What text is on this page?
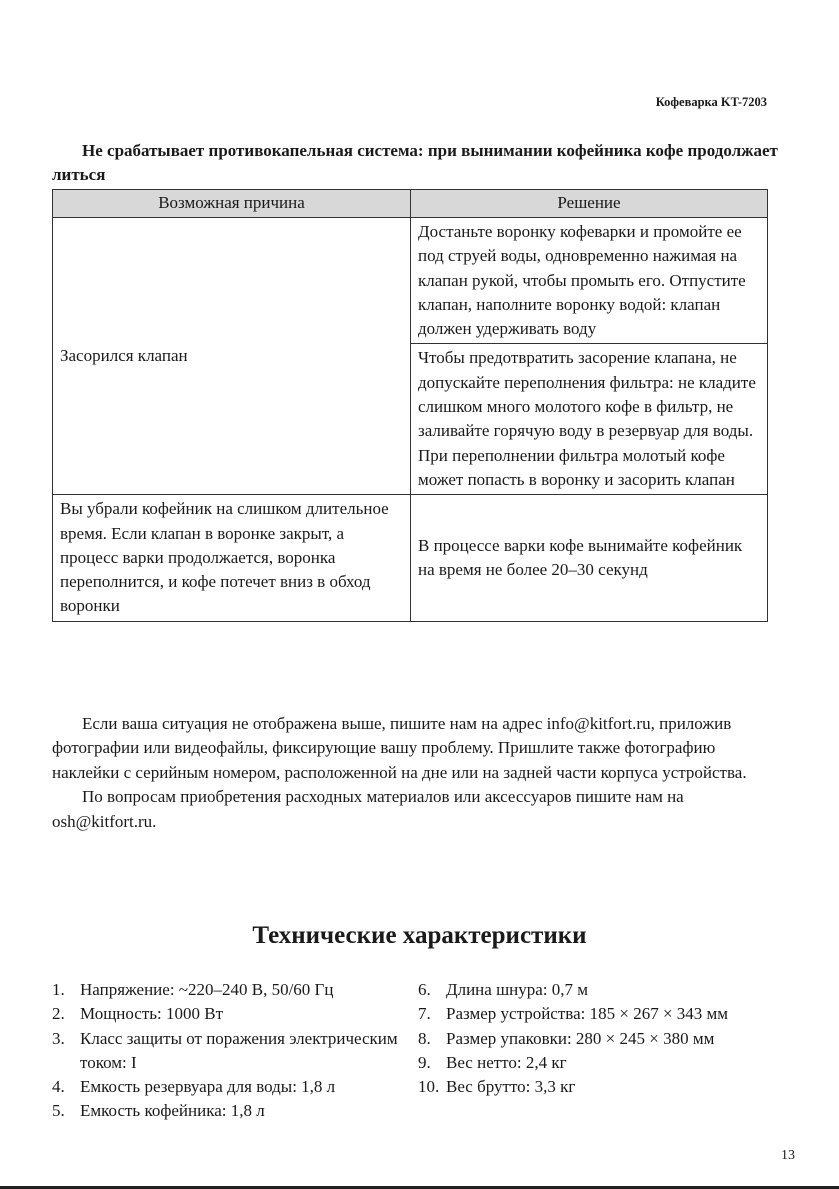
Кофеварка KT-7203
Не срабатывает противокапельная система: при вынимании кофейника кофе продолжает литься
Возможная причина	Решение
Засорился клапан	Достаньте воронку кофеварки и промойте ее под струей воды, одновременно нажимая на клапан рукой, чтобы промыть его. Отпустите клапан, наполните воронку водой: клапан должен удерживать воду
	Чтобы предотвратить засорение клапана, не допускайте переполнения фильтра: не кладите слишком много молотого кофе в фильтр, не заливайте горячую воду в резервуар для воды. При переполнении фильтра молотый кофе может попасть в воронку и засорить клапан
Вы убрали кофейник на слишком длительное время. Если клапан в воронке закрыт, а процесс варки продолжается, воронка переполнится, и кофе потечет вниз в обход воронки	В процессе варки кофе вынимайте кофейник на время не более 20–30 секунд

Если ваша ситуация не отображена выше, пишите нам на адрес info@kitfort.ru, приложив фотографии или видеофайлы, фиксирующие вашу проблему. Пришлите также фотографию наклейки с серийным номером, расположенной на дне или на задней части корпуса устройства.

По вопросам приобретения расходных материалов или аксессуаров пишите нам на osh@kitfort.ru.

Технические характеристики
1. Напряжение: ~220–240 В, 50/60 Гц
2. Мощность: 1000 Вт
3. Класс защиты от поражения электрическим током: I
4. Емкость резервуара для воды: 1,8 л
5. Емкость кофейника: 1,8 л
6. Длина шнура: 0,7 м
7. Размер устройства: 185 × 267 × 343 мм
8. Размер упаковки: 280 × 245 × 380 мм
9. Вес нетто: 2,4 кг
10. Вес брутто: 3,3 кг
13
